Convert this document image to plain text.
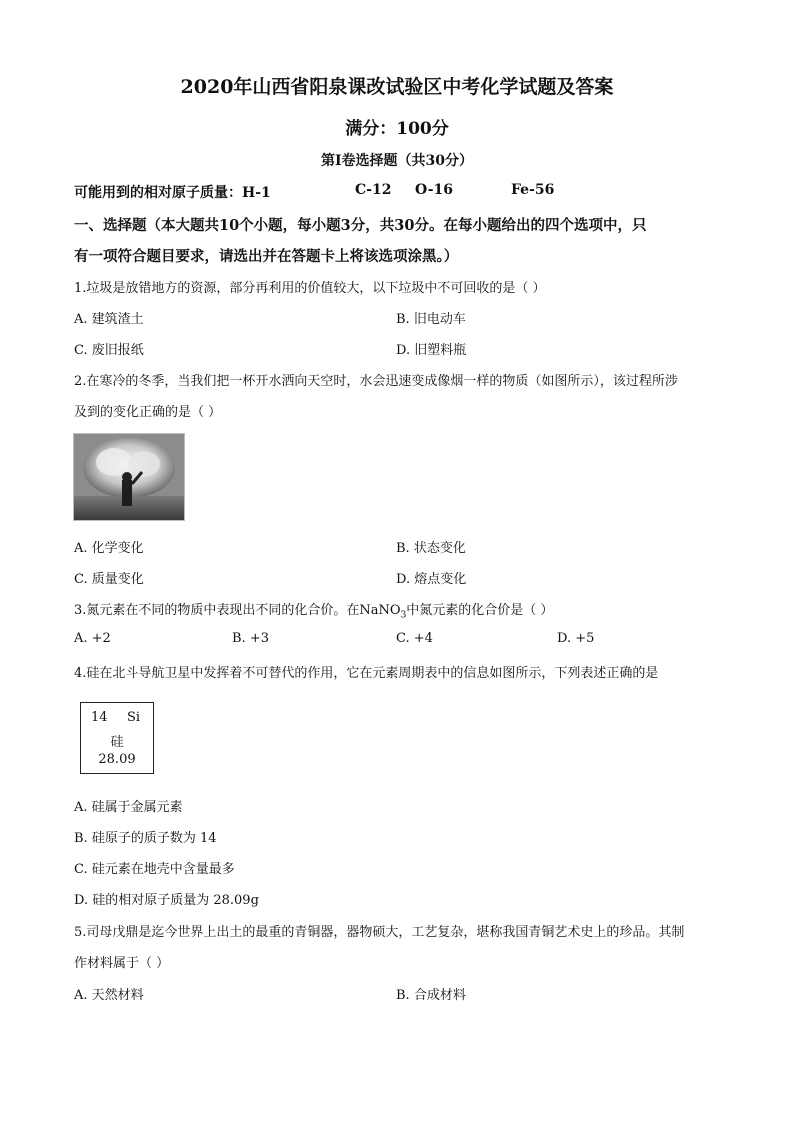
2020年山西省阳泉课改试验区中考化学试题及答案
满分：100分
第I卷选择题（共30分）
可能用到的相对原子质量：H-1	C-12 O-16	Fe-56
一、选择题（本大题共10个小题，每小题3分，共30分。在每小题给出的四个选项中，只
有一项符合题目要求，请选出并在答题卡上将该选项涂黑。）
1.垃圾是放错地方的资源，部分再利用的价值较大，以下垃圾中不可回收的是（ ）
A. 建筑渣土	B. 旧电动车
C. 废旧报纸	D. 旧塑料瓶
2.在寒冷的冬季，当我们把一杯开水洒向天空时，水会迅速变成像烟一样的物质（如图所示），该过程所涉
及到的变化正确的是（ ）
A. 化学变化	B. 状态变化
C. 质量变化	D. 熔点变化
3.氮元素在不同的物质中表现出不同的化合价。在NaNO$_3$中氮元素的化合价是（ ）
A. +2	B. +3	C. +4	D. +5
4.硅在北斗导航卫星中发挥着不可替代的作用，它在元素周期表中的信息如图所示，下列表述正确的是
14 Si
硅
28.09
A. 硅属于金属元素
B. 硅原子的质子数为 14
C. 硅元素在地壳中含量最多
D. 硅的相对原子质量为 28.09g
5.司母戊鼎是迄今世界上出土的最重的青铜器，器物硕大，工艺复杂，堪称我国青铜艺术史上的珍品。其制
作材料属于（ ）
A. 天然材料	B. 合成材料
